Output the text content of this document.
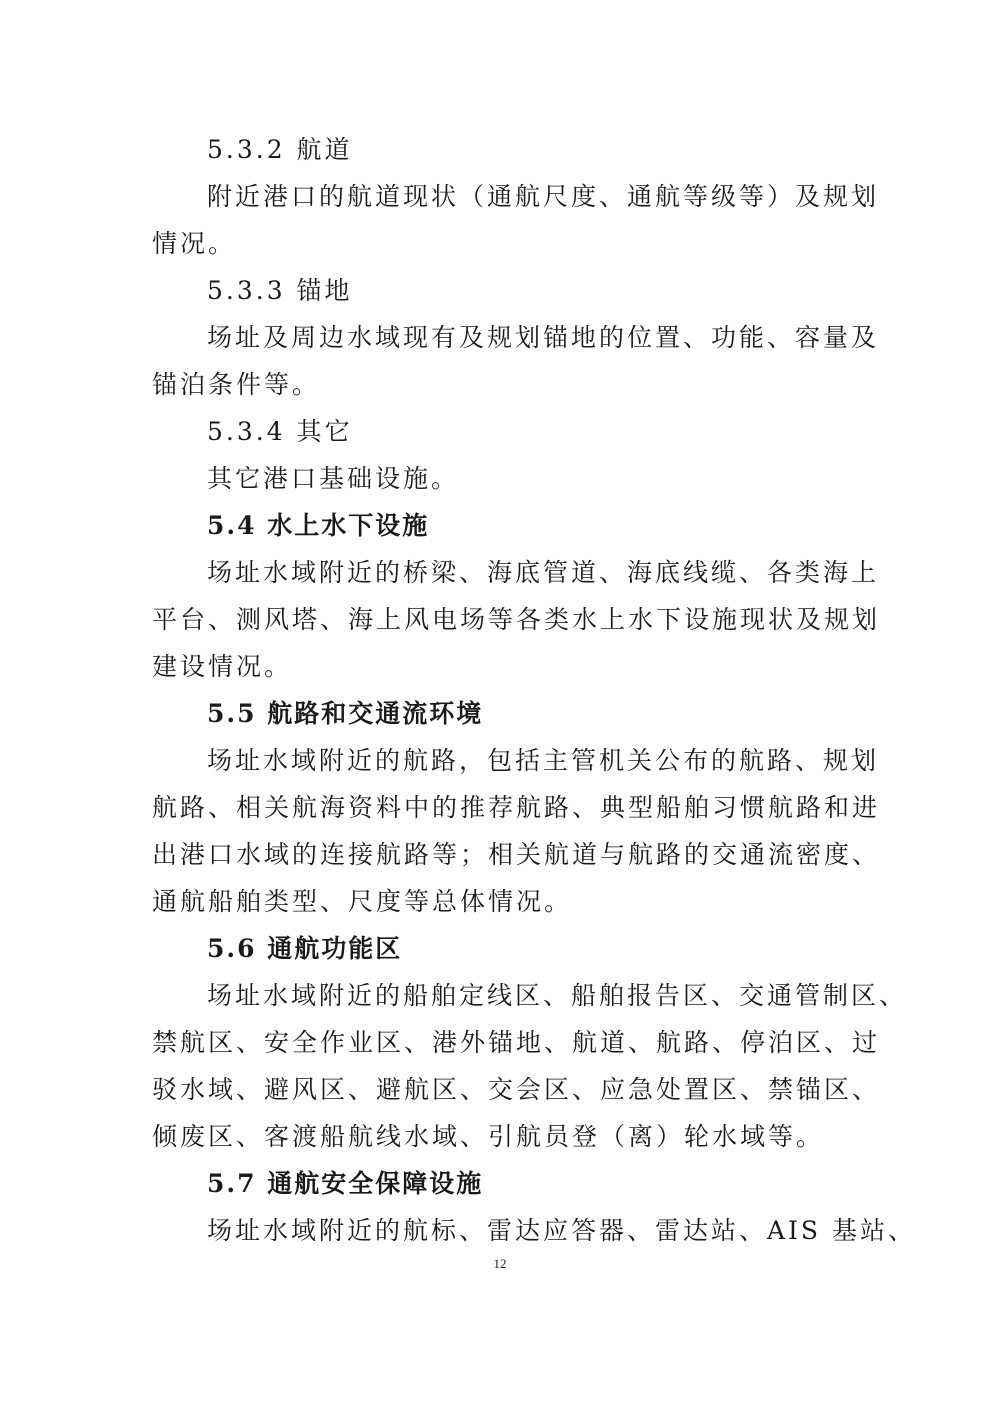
5.3.2 航道
附近港口的航道现状（通航尺度、通航等级等）及规划
情况。
5.3.3 锚地
场址及周边水域现有及规划锚地的位置、功能、容量及
锚泊条件等。
5.3.4 其它
其它港口基础设施。
5.4 水上水下设施
场址水域附近的桥梁、海底管道、海底线缆、各类海上
平台、测风塔、海上风电场等各类水上水下设施现状及规划
建设情况。
5.5 航路和交通流环境
场址水域附近的航路，包括主管机关公布的航路、规划
航路、相关航海资料中的推荐航路、典型船舶习惯航路和进
出港口水域的连接航路等；相关航道与航路的交通流密度、
通航船舶类型、尺度等总体情况。
5.6 通航功能区
场址水域附近的船舶定线区、船舶报告区、交通管制区、
禁航区、安全作业区、港外锚地、航道、航路、停泊区、过
驳水域、避风区、避航区、交会区、应急处置区、禁锚区、
倾废区、客渡船航线水域、引航员登（离）轮水域等。
5.7 通航安全保障设施
场址水域附近的航标、雷达应答器、雷达站、AIS 基站、
12
